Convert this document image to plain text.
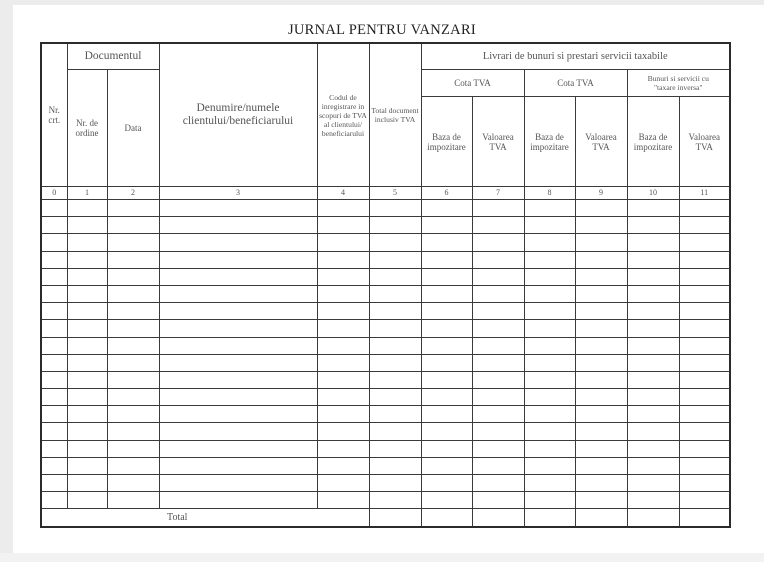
JURNAL PENTRU VANZARI
Nr. crt.	Documentul		Denumire/numele clientului/beneficiarului	Codul de inregistrare in scopuri de TVA al clientului/ beneficiarului	Total document inclusiv TVA	Livrari de bunuri si prestari servicii taxabile					
	Nr. de ordine	Data				Cota TVA		Cota TVA		Bunuri si servicii cu "taxare inversa"	
						Baza de impozitare	Valoarea TVA	Baza de impozitare	Valoarea TVA	Baza de impozitare	Valoarea TVA
0	1	2	3	4	5	6	7	8	9	10	11

Total											
